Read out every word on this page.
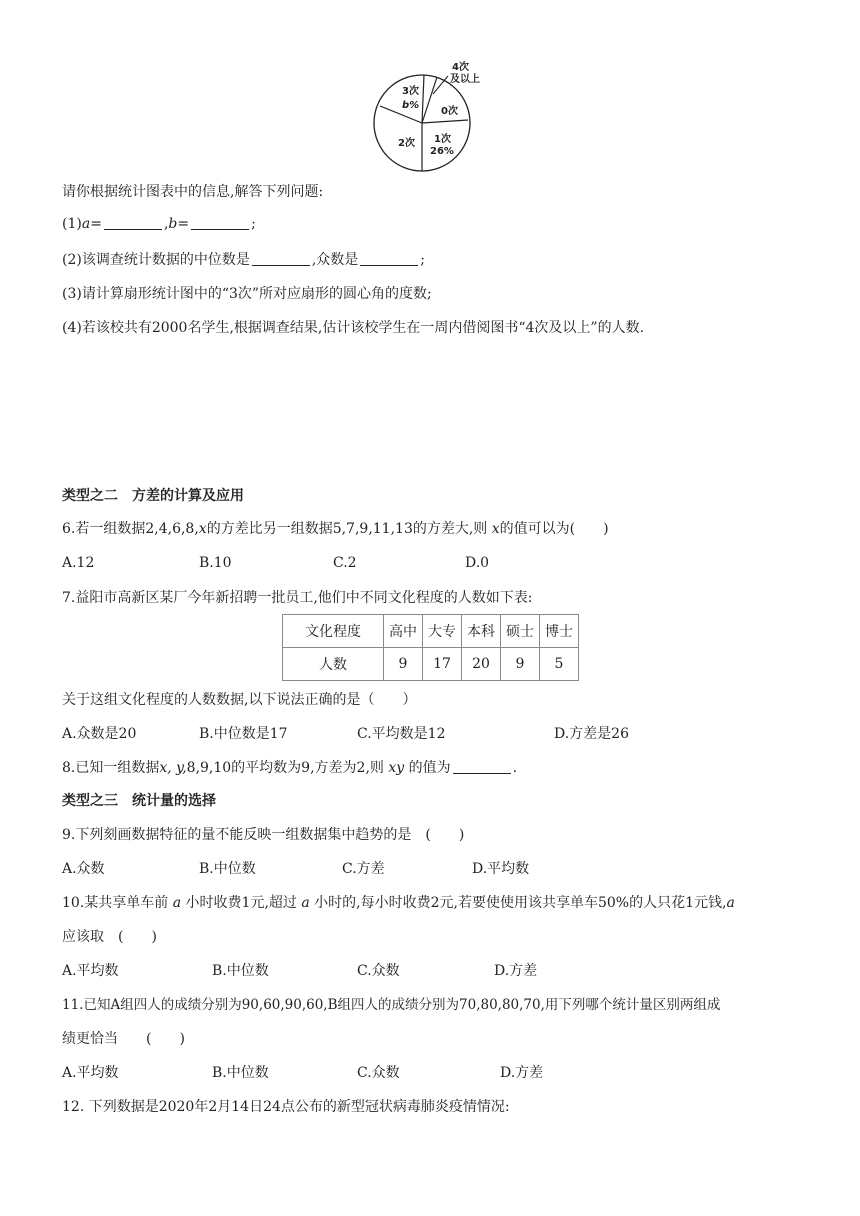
4次
及以上
0次
1次
26%
2次
3次
b%
请你根据统计图表中的信息,解答下列问题:
(1)a=	,b=	;
(2)该调查统计数据的中位数是	,众数是	;
(3)请计算扇形统计图中的“3次”所对应扇形的圆心角的度数;
(4)若该校共有2000名学生,根据调查结果,估计该校学生在一周内借阅图书“4次及以上”的人数.
类型之二　方差的计算及应用
6.若一组数据2,4,6,8,x的方差比另一组数据5,7,9,11,13的方差大,则 x的值可以为(　　)
A.12	B.10	C.2	D.0
7.益阳市高新区某厂今年新招聘一批员工,他们中不同文化程度的人数如下表:
文化程度	高中	大专	本科	硕士	博士
人数	9	17	20	9	5
关于这组文化程度的人数数据,以下说法正确的是（　　）
A.众数是20	B.中位数是17	C.平均数是12	D.方差是26
8.已知一组数据x, y,8,9,10的平均数为9,方差为2,则 xy 的值为	.
类型之三　统计量的选择
9.下列刻画数据特征的量不能反映一组数据集中趋势的是　(　　)
A.众数	B.中位数	C.方差	D.平均数
10.某共享单车前 a 小时收费1元,超过 a 小时的,每小时收费2元,若要使使用该共享单车50%的人只花1元钱,a
应该取　(　　)
A.平均数	B.中位数	C.众数	D.方差
11.已知A组四人的成绩分别为90,60,90,60,B组四人的成绩分别为70,80,80,70,用下列哪个统计量区别两组成
绩更恰当　　(　　)
A.平均数	B.中位数	C.众数	D.方差
12. 下列数据是2020年2月14日24点公布的新型冠状病毒肺炎疫情情况:
